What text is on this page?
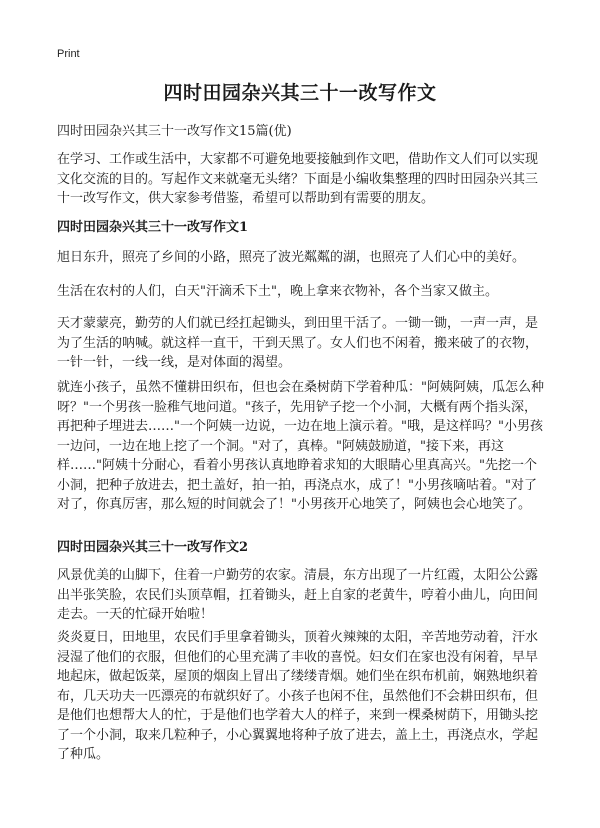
Print
四时田园杂兴其三十一改写作文
四时田园杂兴其三十一改写作文15篇(优)

在学习、工作或生活中，大家都不可避免地要接触到作文吧，借助作文人们可以实现文化交流的目的。写起作文来就毫无头绪？下面是小编收集整理的四时田园杂兴其三十一改写作文，供大家参考借鉴，希望可以帮助到有需要的朋友。

四时田园杂兴其三十一改写作文1

旭日东升，照亮了乡间的小路，照亮了波光粼粼的湖，也照亮了人们心中的美好。

生活在农村的人们，白天"汗滴禾下土"，晚上拿来衣物补，各个当家又做主。

天才蒙蒙亮，勤劳的人们就已经扛起锄头，到田里干活了。一锄一锄，一声一声，是为了生活的呐喊。就这样一直干，干到天黑了。女人们也不闲着，搬来破了的衣物，一针一针，一线一线，是对体面的渴望。

就连小孩子，虽然不懂耕田织布，但也会在桑树荫下学着种瓜："阿姨阿姨，瓜怎么种呀？"一个男孩一脸稚气地问道。"孩子，先用铲子挖一个小洞，大概有两个指头深，再把种子埋进去……"一个阿姨一边说，一边在地上演示着。"哦，是这样吗？"小男孩一边问，一边在地上挖了一个洞。"对了，真棒。"阿姨鼓励道，"接下来，再这样……"阿姨十分耐心，看着小男孩认真地睁着求知的大眼睛心里真高兴。"先挖一个小洞，把种子放进去，把土盖好，拍一拍，再浇点水，成了！"小男孩嘀咕着。"对了对了，你真厉害，那么短的时间就会了！"小男孩开心地笑了，阿姨也会心地笑了。

四时田园杂兴其三十一改写作文2

风景优美的山脚下，住着一户勤劳的农家。清晨，东方出现了一片红霞，太阳公公露出半张笑脸，农民们头顶草帽，扛着锄头，赶上自家的老黄牛，哼着小曲儿，向田间走去。一天的忙碌开始啦！

炎炎夏日，田地里，农民们手里拿着锄头，顶着火辣辣的太阳，辛苦地劳动着，汗水浸湿了他们的衣服，但他们的心里充满了丰收的喜悦。妇女们在家也没有闲着，早早地起床，做起饭菜，屋顶的烟囱上冒出了缕缕青烟。她们坐在织布机前，娴熟地织着布，几天功夫一匹漂亮的布就织好了。小孩子也闲不住，虽然他们不会耕田织布，但是他们也想帮大人的忙，于是他们也学着大人的样子，来到一棵桑树荫下，用锄头挖了一个小洞，取来几粒种子，小心翼翼地将种子放了进去，盖上土，再浇点水，学起了种瓜。
